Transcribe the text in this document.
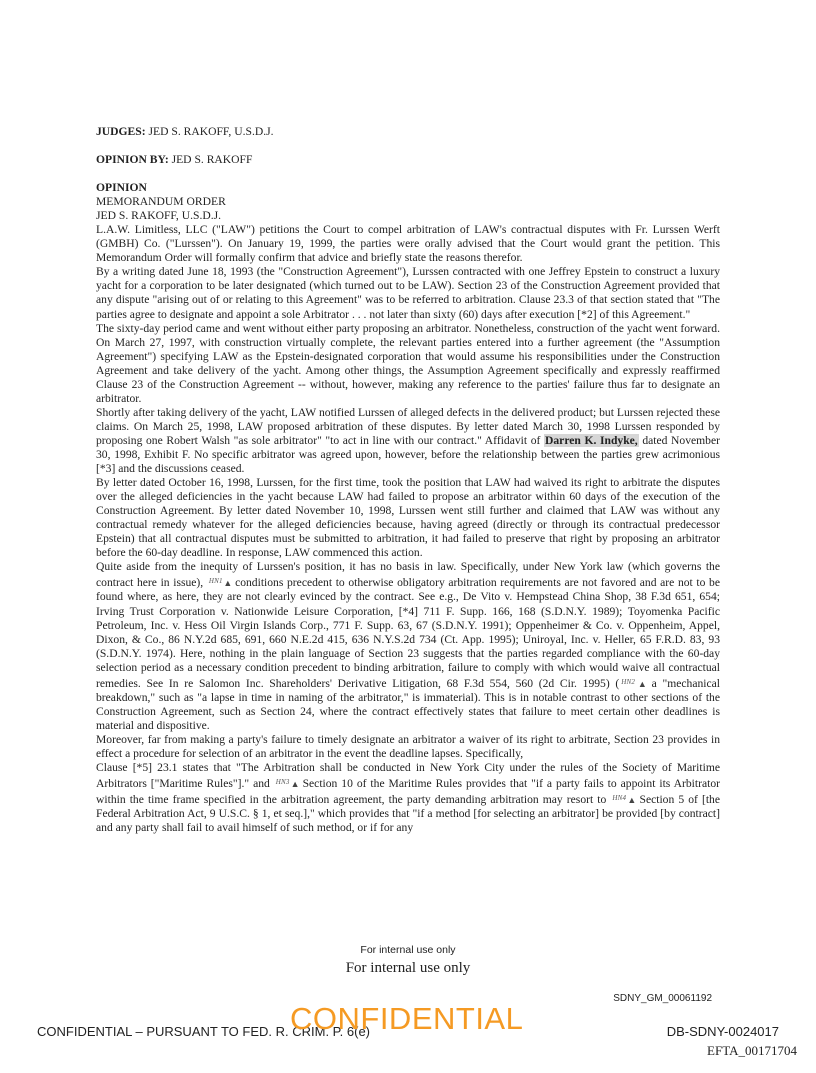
JUDGES: JED S. RAKOFF, U.S.D.J.
OPINION BY: JED S. RAKOFF
OPINION
MEMORANDUM ORDER
JED S. RAKOFF, U.S.D.J.

L.A.W. Limitless, LLC ("LAW") petitions the Court to compel arbitration of LAW's contractual disputes with Fr. Lurssen Werft (GMBH) Co. ("Lurssen"). On January 19, 1999, the parties were orally advised that the Court would grant the petition. This Memorandum Order will formally confirm that advice and briefly state the reasons therefor.

By a writing dated June 18, 1993 (the "Construction Agreement"), Lurssen contracted with one Jeffrey Epstein to construct a luxury yacht for a corporation to be later designated (which turned out to be LAW). Section 23 of the Construction Agreement provided that any dispute "arising out of or relating to this Agreement" was to be referred to arbitration. Clause 23.3 of that section stated that "The parties agree to designate and appoint a sole Arbitrator . . . not later than sixty (60) days after execution [*2] of this Agreement."

The sixty-day period came and went without either party proposing an arbitrator. Nonetheless, construction of the yacht went forward. On March 27, 1997, with construction virtually complete, the relevant parties entered into a further agreement (the "Assumption Agreement") specifying LAW as the Epstein-designated corporation that would assume his responsibilities under the Construction Agreement and take delivery of the yacht. Among other things, the Assumption Agreement specifically and expressly reaffirmed Clause 23 of the Construction Agreement -- without, however, making any reference to the parties' failure thus far to designate an arbitrator.

Shortly after taking delivery of the yacht, LAW notified Lurssen of alleged defects in the delivered product; but Lurssen rejected these claims. On March 25, 1998, LAW proposed arbitration of these disputes. By letter dated March 30, 1998 Lurssen responded by proposing one Robert Walsh "as sole arbitrator" "to act in line with our contract." Affidavit of Darren K. Indyke, dated November 30, 1998, Exhibit F. No specific arbitrator was agreed upon, however, before the relationship between the parties grew acrimonious [*3] and the discussions ceased.

By letter dated October 16, 1998, Lurssen, for the first time, took the position that LAW had waived its right to arbitrate the disputes over the alleged deficiencies in the yacht because LAW had failed to propose an arbitrator within 60 days of the execution of the Construction Agreement. By letter dated November 10, 1998, Lurssen went still further and claimed that LAW was without any contractual remedy whatever for the alleged deficiencies because, having agreed (directly or through its contractual predecessor Epstein) that all contractual disputes must be submitted to arbitration, it had failed to preserve that right by proposing an arbitrator before the 60-day deadline. In response, LAW commenced this action.

Quite aside from the inequity of Lurssen's position, it has no basis in law. Specifically, under New York law (which governs the contract here in issue), $^{HN1}$▲ conditions precedent to otherwise obligatory arbitration requirements are not favored and are not to be found where, as here, they are not clearly evinced by the contract. See e.g., De Vito v. Hempstead China Shop, 38 F.3d 651, 654; Irving Trust Corporation v. Nationwide Leisure Corporation, [*4] 711 F. Supp. 166, 168 (S.D.N.Y. 1989); Toyomenka Pacific Petroleum, Inc. v. Hess Oil Virgin Islands Corp., 771 F. Supp. 63, 67 (S.D.N.Y. 1991); Oppenheimer & Co. v. Oppenheim, Appel, Dixon, & Co., 86 N.Y.2d 685, 691, 660 N.E.2d 415, 636 N.Y.S.2d 734 (Ct. App. 1995); Uniroyal, Inc. v. Heller, 65 F.R.D. 83, 93 (S.D.N.Y. 1974). Here, nothing in the plain language of Section 23 suggests that the parties regarded compliance with the 60-day selection period as a necessary condition precedent to binding arbitration, failure to comply with which would waive all contractual remedies. See In re Salomon Inc. Shareholders' Derivative Litigation, 68 F.3d 554, 560 (2d Cir. 1995) ( $^{HN2}$▲ a "mechanical breakdown," such as "a lapse in time in naming of the arbitrator," is immaterial). This is in notable contrast to other sections of the Construction Agreement, such as Section 24, where the contract effectively states that failure to meet certain other deadlines is material and dispositive.

Moreover, far from making a party's failure to timely designate an arbitrator a waiver of its right to arbitrate, Section 23 provides in effect a procedure for selection of an arbitrator in the event the deadline lapses. Specifically,

Clause [*5] 23.1 states that "The Arbitration shall be conducted in New York City under the rules of the Society of Maritime Arbitrators ["Maritime Rules"]." and $^{HN3}$▲ Section 10 of the Maritime Rules provides that "if a party fails to appoint its Arbitrator within the time frame specified in the arbitration agreement, the party demanding arbitration may resort to $^{HN4}$▲ Section 5 of [the Federal Arbitration Act, 9 U.S.C. § 1, et seq.]," which provides that "if a method [for selecting an arbitrator] be provided [by contract] and any party shall fail to avail himself of such method, or if for any

For internal use only
For internal use only
SDNY_GM_00061192
CONFIDENTIAL – PURSUANT TO FED. R. CRIM. P. 6(e)
CONFIDENTIAL	DB-SDNY-0024017
EFTA_00171704
